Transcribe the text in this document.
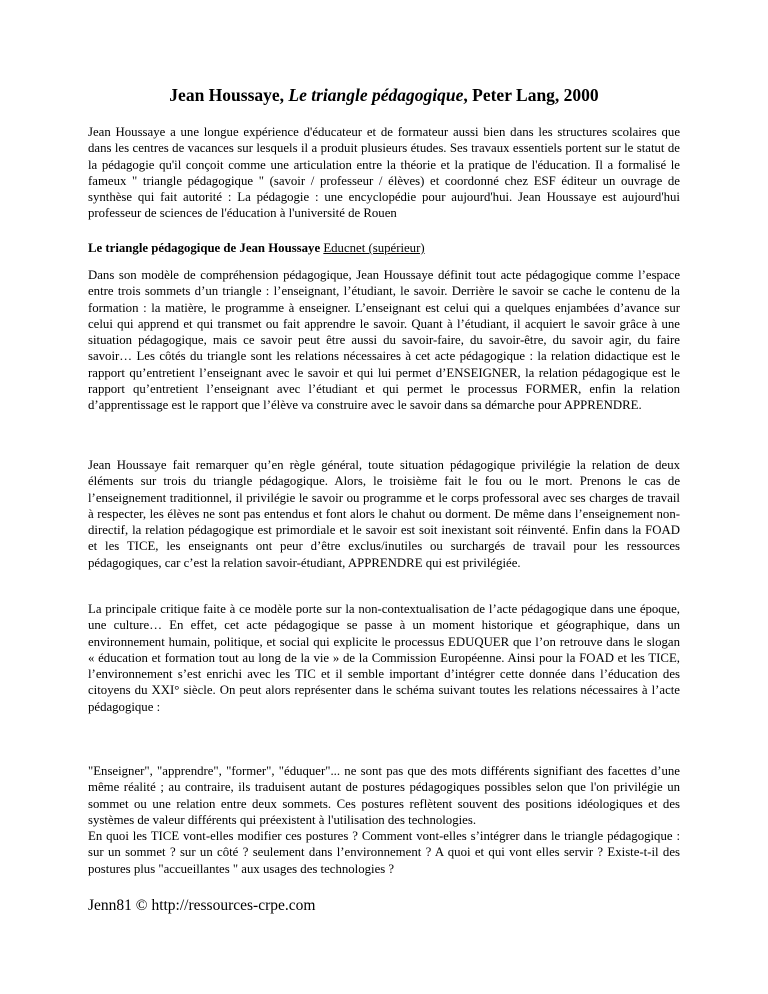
Jean Houssaye, Le triangle pédagogique, Peter Lang, 2000

Jean Houssaye a une longue expérience d'éducateur et de formateur aussi bien dans les structures scolaires que dans les centres de vacances sur lesquels il a produit plusieurs études. Ses travaux essentiels portent sur le statut de la pédagogie qu'il conçoit comme une articulation entre la théorie et la pratique de l'éducation. Il a formalisé le fameux " triangle pédagogique " (savoir / professeur / élèves) et coordonné chez ESF éditeur un ouvrage de synthèse qui fait autorité : La pédagogie : une encyclopédie pour aujourd'hui. Jean Houssaye est aujourd'hui professeur de sciences de l'éducation à l'université de Rouen

Le triangle pédagogique de Jean Houssaye Educnet (supérieur)

Dans son modèle de compréhension pédagogique, Jean Houssaye définit tout acte pédagogique comme l’espace entre trois sommets d’un triangle : l’enseignant, l’étudiant, le savoir. Derrière le savoir se cache le contenu de la formation : la matière, le programme à enseigner. L’enseignant est celui qui a quelques enjambées d’avance sur celui qui apprend et qui transmet ou fait apprendre le savoir. Quant à l’étudiant, il acquiert le savoir grâce à une situation pédagogique, mais ce savoir peut être aussi du savoir-faire, du savoir-être, du savoir agir, du faire savoir… Les côtés du triangle sont les relations nécessaires à cet acte pédagogique : la relation didactique est le rapport qu’entretient l’enseignant avec le savoir et qui lui permet d’ENSEIGNER, la relation pédagogique est le rapport qu’entretient l’enseignant avec l’étudiant et qui permet le processus FORMER, enfin la relation d’apprentissage est le rapport que l’élève va construire avec le savoir dans sa démarche pour APPRENDRE.

Jean Houssaye fait remarquer qu’en règle général, toute situation pédagogique privilégie la relation de deux éléments sur trois du triangle pédagogique. Alors, le troisième fait le fou ou le mort. Prenons le cas de l’enseignement traditionnel, il privilégie le savoir ou programme et le corps professoral avec ses charges de travail à respecter, les élèves ne sont pas entendus et font alors le chahut ou dorment. De même dans l’enseignement non-directif, la relation pédagogique est primordiale et le savoir est soit inexistant soit réinventé. Enfin dans la FOAD et les TICE, les enseignants ont peur d’être exclus/inutiles ou surchargés de travail pour les ressources pédagogiques, car c’est la relation savoir-étudiant, APPRENDRE qui est privilégiée.

La principale critique faite à ce modèle porte sur la non-contextualisation de l’acte pédagogique dans une époque, une culture… En effet, cet acte pédagogique se passe à un moment historique et géographique, dans un environnement humain, politique, et social qui explicite le processus EDUQUER que l’on retrouve dans le slogan « éducation et formation tout au long de la vie » de la Commission Européenne. Ainsi pour la FOAD et les TICE, l’environnement s’est enrichi avec les TIC et il semble important d’intégrer cette donnée dans l’éducation des citoyens du XXI° siècle. On peut alors représenter dans le schéma suivant toutes les relations nécessaires à l’acte pédagogique :

"Enseigner", "apprendre", "former", "éduquer"... ne sont pas que des mots différents signifiant des facettes d’une même réalité ; au contraire, ils traduisent autant de postures pédagogiques possibles selon que l'on privilégie un sommet ou une relation entre deux sommets. Ces postures reflètent souvent des positions idéologiques et des systèmes de valeur différents qui préexistent à l'utilisation des technologies.

En quoi les TICE vont-elles modifier ces postures ? Comment vont-elles s’intégrer dans le triangle pédagogique : sur un sommet ? sur un côté ? seulement dans l’environnement ? A quoi et qui vont elles servir ? Existe-t-il des postures plus "accueillantes " aux usages des technologies ?

Jenn81 © http://ressources-crpe.com
